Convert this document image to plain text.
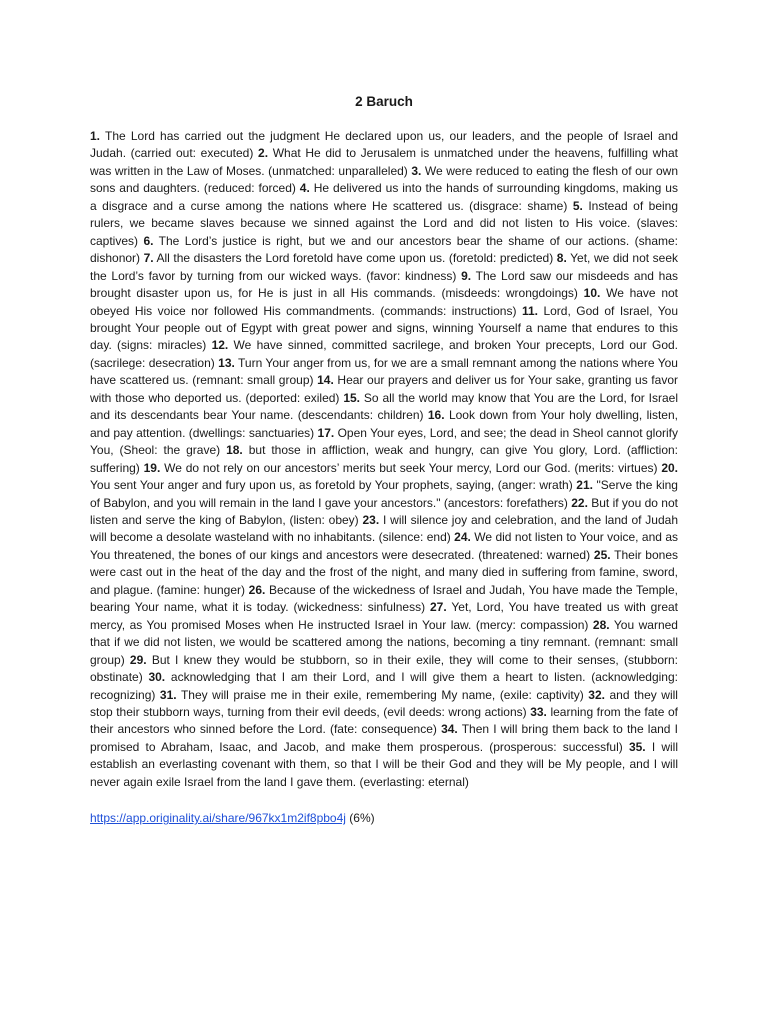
2 Baruch

1. The Lord has carried out the judgment He declared upon us, our leaders, and the people of Israel and Judah. (carried out: executed) 2. What He did to Jerusalem is unmatched under the heavens, fulfilling what was written in the Law of Moses. (unmatched: unparalleled) 3. We were reduced to eating the flesh of our own sons and daughters. (reduced: forced) 4. He delivered us into the hands of surrounding kingdoms, making us a disgrace and a curse among the nations where He scattered us. (disgrace: shame) 5. Instead of being rulers, we became slaves because we sinned against the Lord and did not listen to His voice. (slaves: captives) 6. The Lord’s justice is right, but we and our ancestors bear the shame of our actions. (shame: dishonor) 7. All the disasters the Lord foretold have come upon us. (foretold: predicted) 8. Yet, we did not seek the Lord’s favor by turning from our wicked ways. (favor: kindness) 9. The Lord saw our misdeeds and has brought disaster upon us, for He is just in all His commands. (misdeeds: wrongdoings) 10. We have not obeyed His voice nor followed His commandments. (commands: instructions) 11. Lord, God of Israel, You brought Your people out of Egypt with great power and signs, winning Yourself a name that endures to this day. (signs: miracles) 12. We have sinned, committed sacrilege, and broken Your precepts, Lord our God. (sacrilege: desecration) 13. Turn Your anger from us, for we are a small remnant among the nations where You have scattered us. (remnant: small group) 14. Hear our prayers and deliver us for Your sake, granting us favor with those who deported us. (deported: exiled) 15. So all the world may know that You are the Lord, for Israel and its descendants bear Your name. (descendants: children) 16. Look down from Your holy dwelling, listen, and pay attention. (dwellings: sanctuaries) 17. Open Your eyes, Lord, and see; the dead in Sheol cannot glorify You, (Sheol: the grave) 18. but those in affliction, weak and hungry, can give You glory, Lord. (affliction: suffering) 19. We do not rely on our ancestors’ merits but seek Your mercy, Lord our God. (merits: virtues) 20. You sent Your anger and fury upon us, as foretold by Your prophets, saying, (anger: wrath) 21. "Serve the king of Babylon, and you will remain in the land I gave your ancestors." (ancestors: forefathers) 22. But if you do not listen and serve the king of Babylon, (listen: obey) 23. I will silence joy and celebration, and the land of Judah will become a desolate wasteland with no inhabitants. (silence: end) 24. We did not listen to Your voice, and as You threatened, the bones of our kings and ancestors were desecrated. (threatened: warned) 25. Their bones were cast out in the heat of the day and the frost of the night, and many died in suffering from famine, sword, and plague. (famine: hunger) 26. Because of the wickedness of Israel and Judah, You have made the Temple, bearing Your name, what it is today. (wickedness: sinfulness) 27. Yet, Lord, You have treated us with great mercy, as You promised Moses when He instructed Israel in Your law. (mercy: compassion) 28. You warned that if we did not listen, we would be scattered among the nations, becoming a tiny remnant. (remnant: small group) 29. But I knew they would be stubborn, so in their exile, they will come to their senses, (stubborn: obstinate) 30. acknowledging that I am their Lord, and I will give them a heart to listen. (acknowledging: recognizing) 31. They will praise me in their exile, remembering My name, (exile: captivity) 32. and they will stop their stubborn ways, turning from their evil deeds, (evil deeds: wrong actions) 33. learning from the fate of their ancestors who sinned before the Lord. (fate: consequence) 34. Then I will bring them back to the land I promised to Abraham, Isaac, and Jacob, and make them prosperous. (prosperous: successful) 35. I will establish an everlasting covenant with them, so that I will be their God and they will be My people, and I will never again exile Israel from the land I gave them. (everlasting: eternal)

https://app.originality.ai/share/967kx1m2if8pbo4j (6%)
